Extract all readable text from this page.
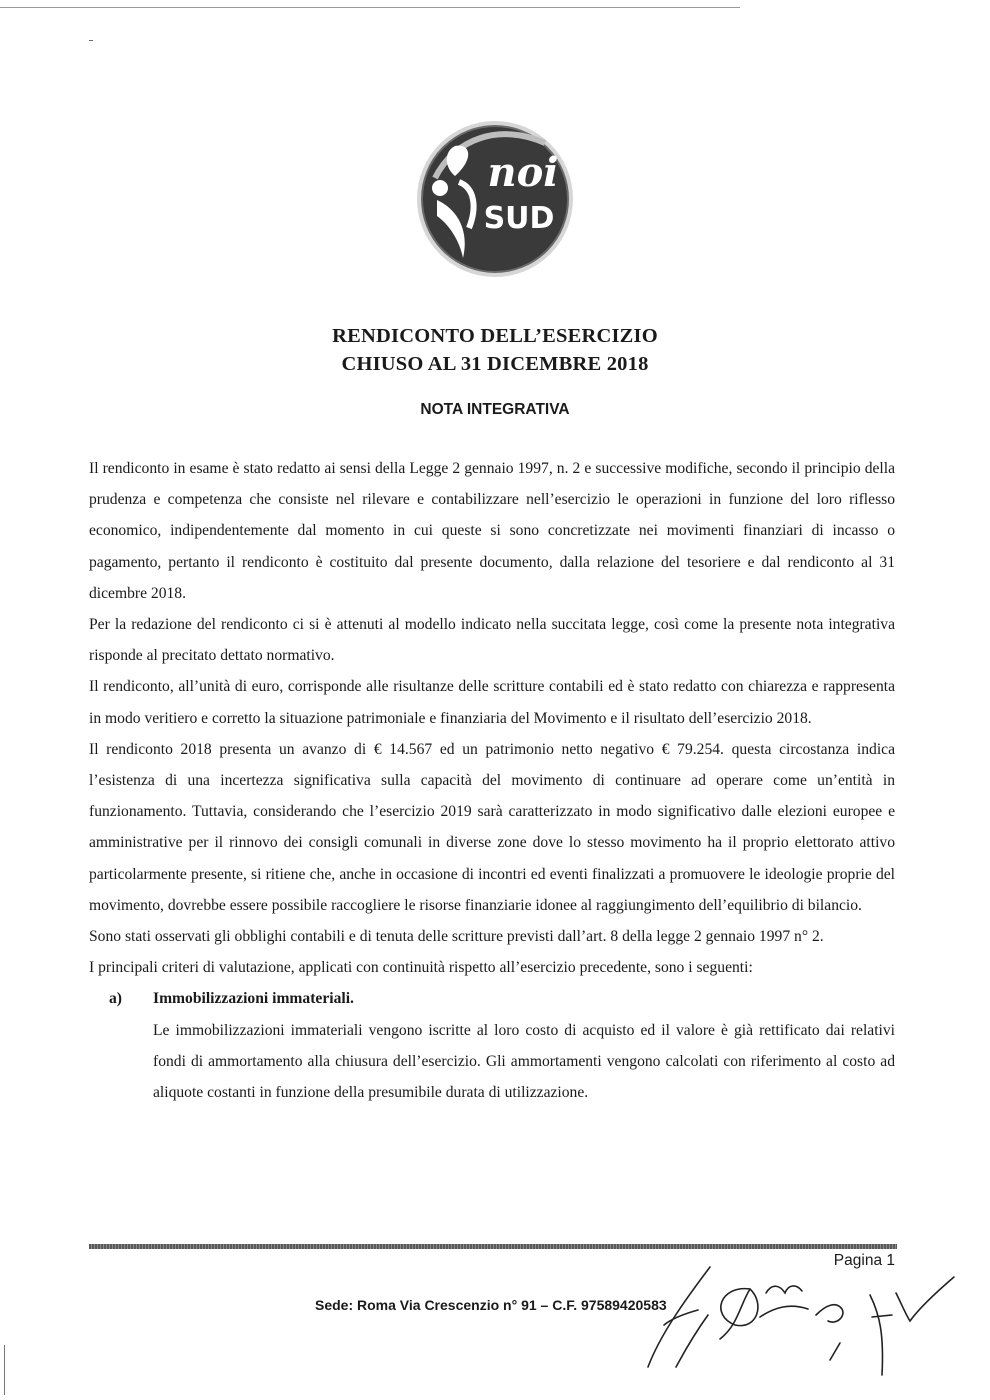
noi
SUD
RENDICONTO DELL’ESERCIZIO
CHIUSO AL 31 DICEMBRE 2018
NOTA INTEGRATIVA

Il rendiconto in esame è stato redatto ai sensi della Legge 2 gennaio 1997, n. 2 e successive modifiche, secondo il principio della prudenza e competenza che consiste nel rilevare e contabilizzare nell’esercizio le operazioni in funzione del loro riflesso economico, indipendentemente dal momento in cui queste si sono concretizzate nei movimenti finanziari di incasso o pagamento, pertanto il rendiconto è costituito dal presente documento, dalla relazione del tesoriere e dal rendiconto al 31 dicembre 2018.

Per la redazione del rendiconto ci si è attenuti al modello indicato nella succitata legge, così come la presente nota integrativa risponde al precitato dettato normativo.

Il rendiconto, all’unità di euro, corrisponde alle risultanze delle scritture contabili ed è stato redatto con chiarezza e rappresenta in modo veritiero e corretto la situazione patrimoniale e finanziaria del Movimento e il risultato dell’esercizio 2018.

Il rendiconto 2018 presenta un avanzo di € 14.567 ed un patrimonio netto negativo € 79.254. questa circostanza indica l’esistenza di una incertezza significativa sulla capacità del movimento di continuare ad operare come un’entità in funzionamento. Tuttavia, considerando che l’esercizio 2019 sarà caratterizzato in modo significativo dalle elezioni europee e amministrative per il rinnovo dei consigli comunali in diverse zone dove lo stesso movimento ha il proprio elettorato attivo particolarmente presente, si ritiene che, anche in occasione di incontri ed eventi finalizzati a promuovere le ideologie proprie del movimento, dovrebbe essere possibile raccogliere le risorse finanziarie idonee al raggiungimento dell’equilibrio di bilancio.

Sono stati osservati gli obblighi contabili e di tenuta delle scritture previsti dall’art. 8 della legge 2 gennaio 1997 n° 2.

I principali criteri di valutazione, applicati con continuità rispetto all’esercizio precedente, sono i seguenti:

a) Immobilizzazioni immateriali.

Le immobilizzazioni immateriali vengono iscritte al loro costo di acquisto ed il valore è già rettificato dai relativi fondi di ammortamento alla chiusura dell’esercizio. Gli ammortamenti vengono calcolati con riferimento al costo ad aliquote costanti in funzione della presumibile durata di utilizzazione.

Pagina 1
Sede: Roma Via Crescenzio n° 91 – C.F. 97589420583
